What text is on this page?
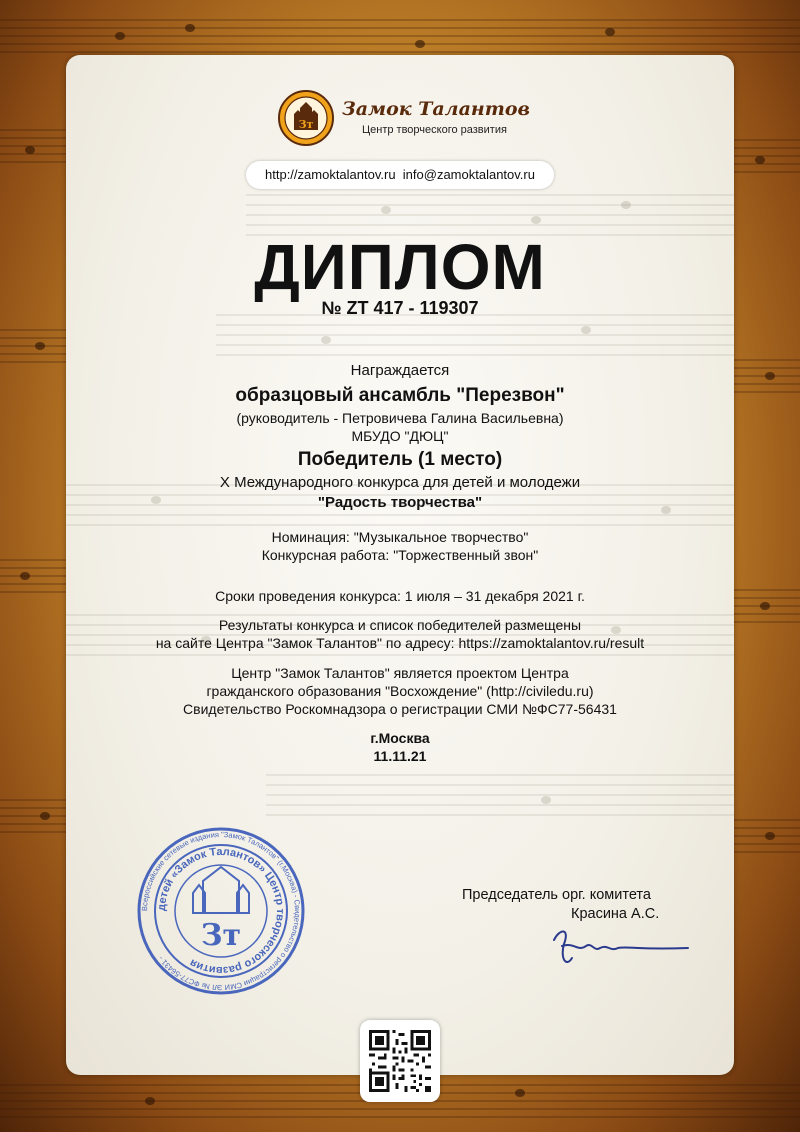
Зт
Замок Талантов
Центр творческого развития
http://zamoktalantov.ru info@zamoktalantov.ru
ДИПЛОМ
№ ZT 417 - 119307
Награждается
образцовый ансамбль "Перезвон"
(руководитель - Петровичева Галина Васильевна)
МБУДО "ДЮЦ"
Победитель (1 место)
X Международного конкурса для детей и молодежи
"Радость творчества"
Номинация: "Музыкальное творчество"
Конкурсная работа: "Торжественный звон"
Сроки проведения конкурса: 1 июля – 31 декабря 2021 г.
Результаты конкурса и список победителей размещены
на сайте Центра "Замок Талантов" по адресу: https://zamoktalantov.ru/result
Центр "Замок Талантов" является проектом Центра
гражданского образования "Восхождение" (http://civiledu.ru)
Свидетельство Роскомнадзора о регистрации СМИ №ФС77-56431
г.Москва
11.11.21
Всероссийские сетевые издания "Замок Талантов" (г.Москва) - Свидетельство о регистрации СМИ ЭЛ № ФС77-56431 -
детей «Замок Талантов» Центр творческого развития
Зт
Председатель орг. комитета
Красина А.С.
